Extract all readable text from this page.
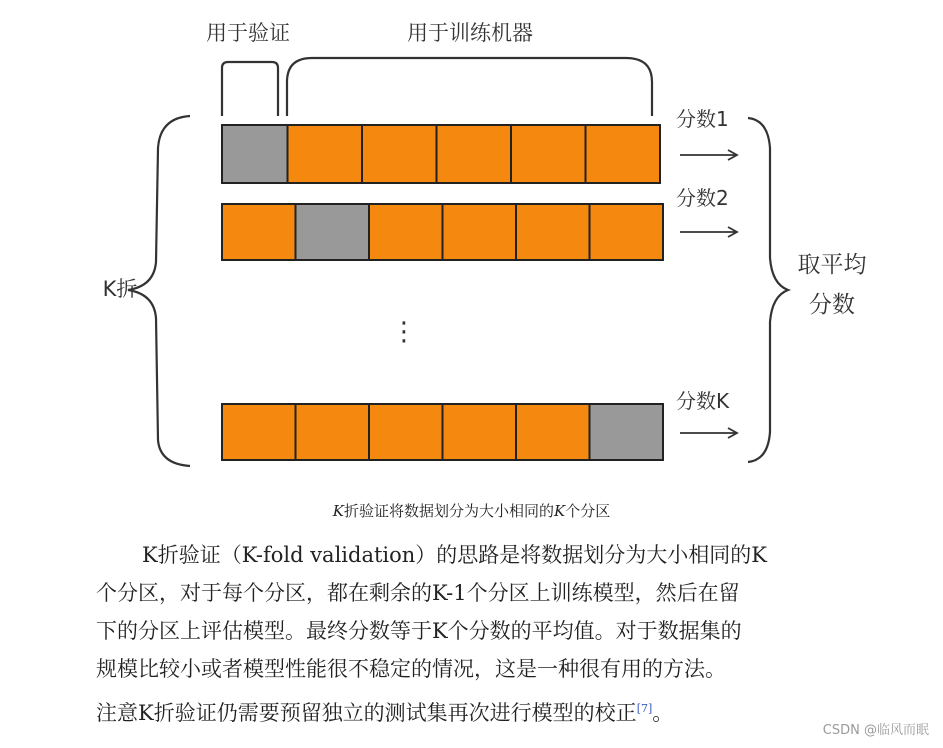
用于验证	用于训练机器
K折
⋮
分数1
分数2
分数K
取平均
分数
K折验证将数据划分为大小相同的K个分区

K折验证（K-fold validation）的思路是将数据划分为大小相同的K

个分区，对于每个分区，都在剩余的K-1个分区上训练模型，然后在留

下的分区上评估模型。最终分数等于K个分数的平均值。对于数据集的

规模比较小或者模型性能很不稳定的情况，这是一种很有用的方法。

注意K折验证仍需要预留独立的测试集再次进行模型的校正[7]。

CSDN @临风而眠
